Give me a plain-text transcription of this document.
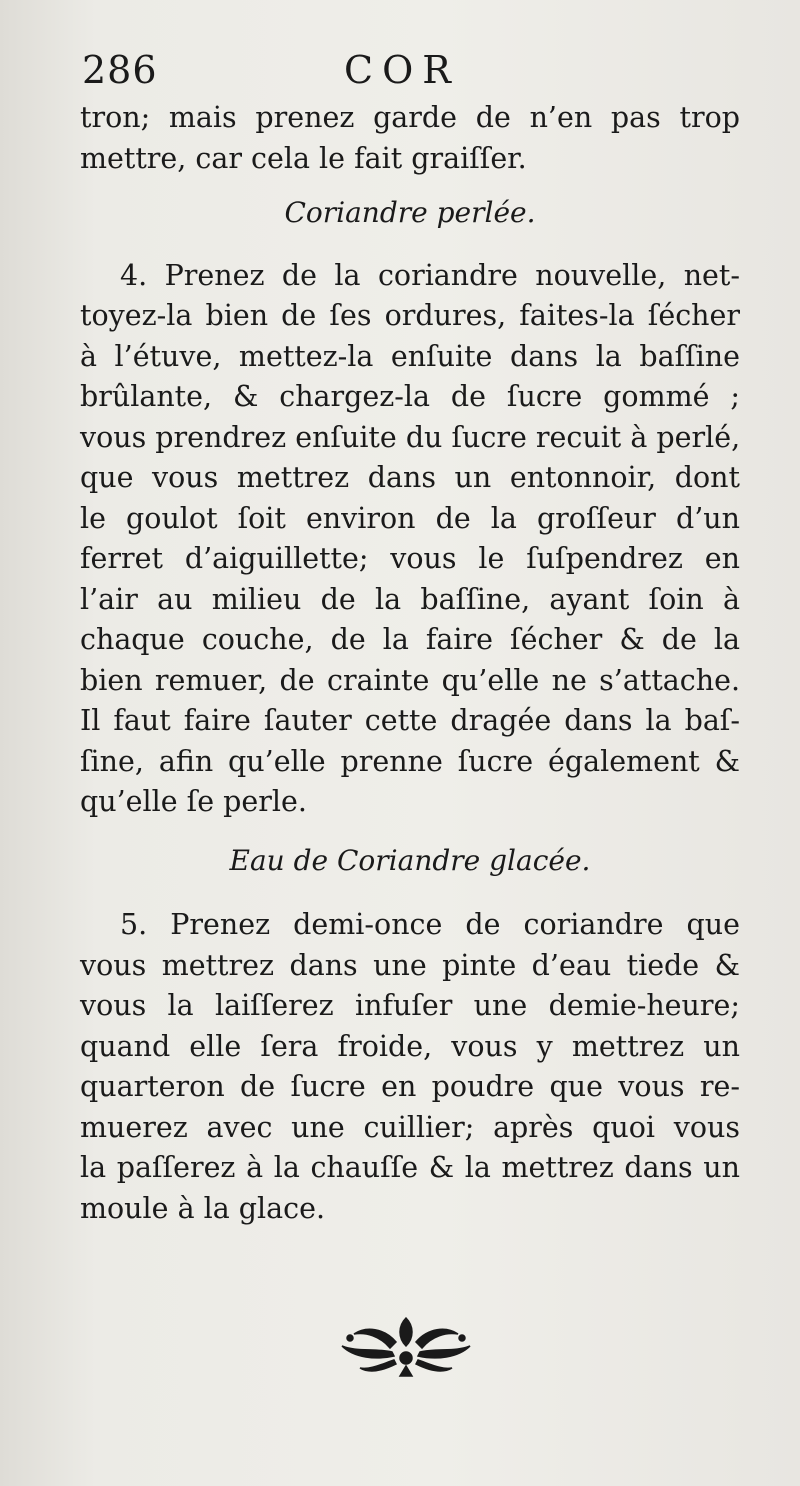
286	COR
tron; mais prenez garde de n’en pas trop
mettre, car cela le fait graiſſer.
Coriandre perlée.
4. Prenez de la coriandre nouvelle, net-
toyez-la bien de ſes ordures, faites-la ſécher
à l’étuve, mettez-la enſuite dans la baſſine
brûlante, & chargez-la de ſucre gommé ;
vous prendrez enſuite du ſucre recuit à perlé,
que vous mettrez dans un entonnoir, dont
le goulot ſoit environ de la groſſeur d’un
ferret d’aiguillette; vous le ſuſpendrez en
l’air au milieu de la baſſine, ayant ſoin à
chaque couche, de la faire ſécher & de la
bien remuer, de crainte qu’elle ne s’attache.
Il faut faire ſauter cette dragée dans la baſ-
ſine, afin qu’elle prenne ſucre également &
qu’elle ſe perle.
Eau de Coriandre glacée.
5. Prenez demi-once de coriandre que
vous mettrez dans une pinte d’eau tiede &
vous la laiſſerez infuſer une demie-heure;
quand elle ſera froide, vous y mettrez un
quarteron de ſucre en poudre que vous re-
muerez avec une cuillier; après quoi vous
la paſſerez à la chauſſe & la mettrez dans un
moule à la glace.
